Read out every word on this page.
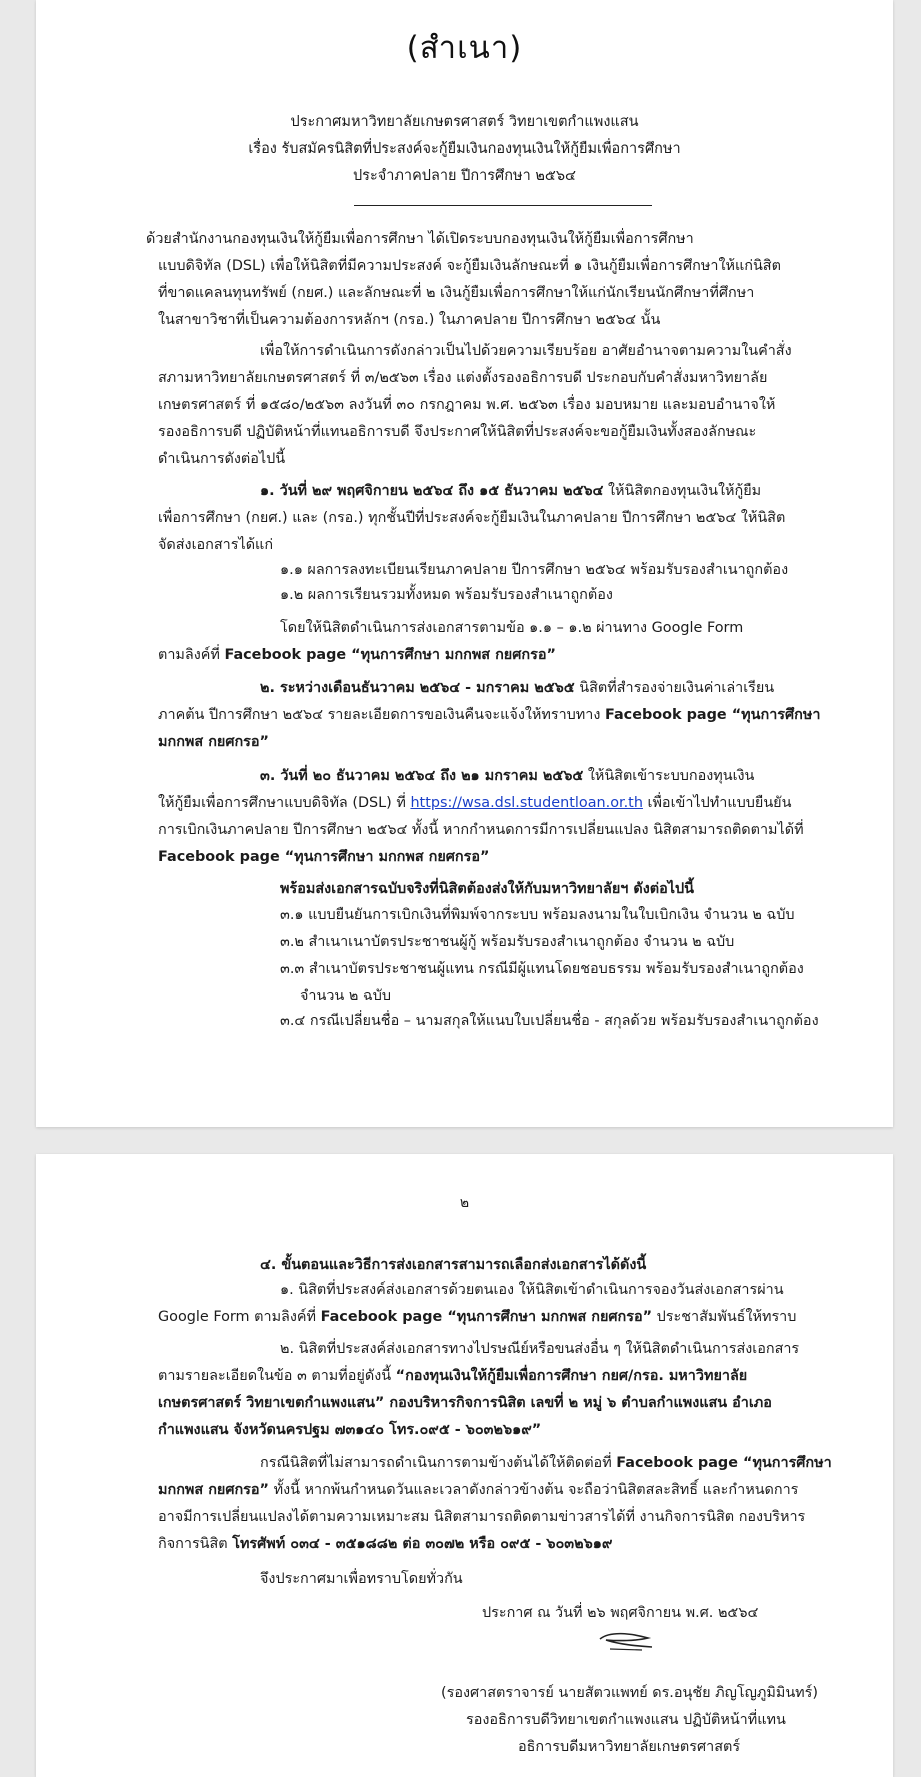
(สำเนา)
ประกาศมหาวิทยาลัยเกษตรศาสตร์ วิทยาเขตกำแพงแสน
เรื่อง รับสมัครนิสิตที่ประสงค์จะกู้ยืมเงินกองทุนเงินให้กู้ยืมเพื่อการศึกษา
ประจำภาคปลาย ปีการศึกษา ๒๕๖๔
ด้วยสำนักงานกองทุนเงินให้กู้ยืมเพื่อการศึกษา ได้เปิดระบบกองทุนเงินให้กู้ยืมเพื่อการศึกษา
แบบดิจิทัล (DSL) เพื่อให้นิสิตที่มีความประสงค์ จะกู้ยืมเงินลักษณะที่ ๑ เงินกู้ยืมเพื่อการศึกษาให้แก่นิสิต
ที่ขาดแคลนทุนทรัพย์ (กยศ.) และลักษณะที่ ๒ เงินกู้ยืมเพื่อการศึกษาให้แก่นักเรียนนักศึกษาที่ศึกษา
ในสาขาวิชาที่เป็นความต้องการหลักฯ (กรอ.) ในภาคปลาย ปีการศึกษา ๒๕๖๔ นั้น
เพื่อให้การดำเนินการดังกล่าวเป็นไปด้วยความเรียบร้อย อาศัยอำนาจตามความในคำสั่ง
สภามหาวิทยาลัยเกษตรศาสตร์ ที่ ๓/๒๕๖๓ เรื่อง แต่งตั้งรองอธิการบดี ประกอบกับคำสั่งมหาวิทยาลัย
เกษตรศาสตร์ ที่ ๑๕๘๐/๒๕๖๓ ลงวันที่ ๓๐ กรกฎาคม พ.ศ. ๒๕๖๓ เรื่อง มอบหมาย และมอบอำนาจให้
รองอธิการบดี ปฏิบัติหน้าที่แทนอธิการบดี จึงประกาศให้นิสิตที่ประสงค์จะขอกู้ยืมเงินทั้งสองลักษณะ
ดำเนินการดังต่อไปนี้
๑. วันที่ ๒๙ พฤศจิกายน ๒๕๖๔ ถึง ๑๕ ธันวาคม ๒๕๖๔ ให้นิสิตกองทุนเงินให้กู้ยืม
เพื่อการศึกษา (กยศ.) และ (กรอ.) ทุกชั้นปีที่ประสงค์จะกู้ยืมเงินในภาคปลาย ปีการศึกษา ๒๕๖๔ ให้นิสิต
จัดส่งเอกสารได้แก่
๑.๑ ผลการลงทะเบียนเรียนภาคปลาย ปีการศึกษา ๒๕๖๔ พร้อมรับรองสำเนาถูกต้อง
๑.๒ ผลการเรียนรวมทั้งหมด พร้อมรับรองสำเนาถูกต้อง
โดยให้นิสิตดำเนินการส่งเอกสารตามข้อ ๑.๑ – ๑.๒ ผ่านทาง Google Form
ตามลิงค์ที่ Facebook page “ทุนการศึกษา มกกพส กยศกรอ”
๒. ระหว่างเดือนธันวาคม ๒๕๖๔ - มกราคม ๒๕๖๕ นิสิตที่สำรองจ่ายเงินค่าเล่าเรียน
ภาคต้น ปีการศึกษา ๒๕๖๔ รายละเอียดการขอเงินคืนจะแจ้งให้ทราบทาง Facebook page “ทุนการศึกษา
มกกพส กยศกรอ”
๓. วันที่ ๒๐ ธันวาคม ๒๕๖๔ ถึง ๒๑ มกราคม ๒๕๖๕ ให้นิสิตเข้าระบบกองทุนเงิน
ให้กู้ยืมเพื่อการศึกษาแบบดิจิทัล (DSL) ที่ https://wsa.dsl.studentloan.or.th เพื่อเข้าไปทำแบบยืนยัน
การเบิกเงินภาคปลาย ปีการศึกษา ๒๕๖๔ ทั้งนี้ หากกำหนดการมีการเปลี่ยนแปลง นิสิตสามารถติดตามได้ที่
Facebook page “ทุนการศึกษา มกกพส กยศกรอ”
พร้อมส่งเอกสารฉบับจริงที่นิสิตต้องส่งให้กับมหาวิทยาลัยฯ ดังต่อไปนี้
๓.๑ แบบยืนยันการเบิกเงินที่พิมพ์จากระบบ พร้อมลงนามในใบเบิกเงิน จำนวน ๒ ฉบับ
๓.๒ สำเนาเนาบัตรประชาชนผู้กู้ พร้อมรับรองสำเนาถูกต้อง จำนวน ๒ ฉบับ
๓.๓ สำเนาบัตรประชาชนผู้แทน กรณีมีผู้แทนโดยชอบธรรม พร้อมรับรองสำเนาถูกต้อง
จำนวน ๒ ฉบับ
๓.๔ กรณีเปลี่ยนชื่อ – นามสกุลให้แนบใบเปลี่ยนชื่อ - สกุลด้วย พร้อมรับรองสำเนาถูกต้อง
๒
๔. ขั้นตอนและวิธีการส่งเอกสารสามารถเลือกส่งเอกสารได้ดังนี้
๑. นิสิตที่ประสงค์ส่งเอกสารด้วยตนเอง ให้นิสิตเข้าดำเนินการจองวันส่งเอกสารผ่าน
Google Form ตามลิงค์ที่ Facebook page “ทุนการศึกษา มกกพส กยศกรอ” ประชาสัมพันธ์ให้ทราบ
๒. นิสิตที่ประสงค์ส่งเอกสารทางไปรษณีย์หรือขนส่งอื่น ๆ ให้นิสิตดำเนินการส่งเอกสาร
ตามรายละเอียดในข้อ ๓ ตามที่อยู่ดังนี้ “กองทุนเงินให้กู้ยืมเพื่อการศึกษา กยศ/กรอ. มหาวิทยาลัย
เกษตรศาสตร์ วิทยาเขตกำแพงแสน” กองบริหารกิจการนิสิต เลขที่ ๒ หมู่ ๖ ตำบลกำแพงแสน อำเภอ
กำแพงแสน จังหวัดนครปฐม ๗๓๑๔๐ โทร.๐๙๕ - ๖๐๓๒๖๑๙”
กรณีนิสิตที่ไม่สามารถดำเนินการตามข้างต้นได้ให้ติดต่อที่ Facebook page “ทุนการศึกษา
มกกพส กยศกรอ” ทั้งนี้ หากพ้นกำหนดวันและเวลาดังกล่าวข้างต้น จะถือว่านิสิตสละสิทธิ์ และกำหนดการ
อาจมีการเปลี่ยนแปลงได้ตามความเหมาะสม นิสิตสามารถติดตามข่าวสารได้ที่ งานกิจการนิสิต กองบริหาร
กิจการนิสิต โทรศัพท์ ๐๓๔ - ๓๕๑๘๘๒ ต่อ ๓๐๗๒ หรือ ๐๙๕ - ๖๐๓๒๖๑๙
จึงประกาศมาเพื่อทราบโดยทั่วกัน
ประกาศ ณ วันที่ ๒๖ พฤศจิกายน พ.ศ. ๒๕๖๔
(รองศาสตราจารย์ นายสัตวแพทย์ ดร.อนุชัย ภิญโญภูมิมินทร์)
รองอธิการบดีวิทยาเขตกำแพงแสน ปฏิบัติหน้าที่แทน
อธิการบดีมหาวิทยาลัยเกษตรศาสตร์
